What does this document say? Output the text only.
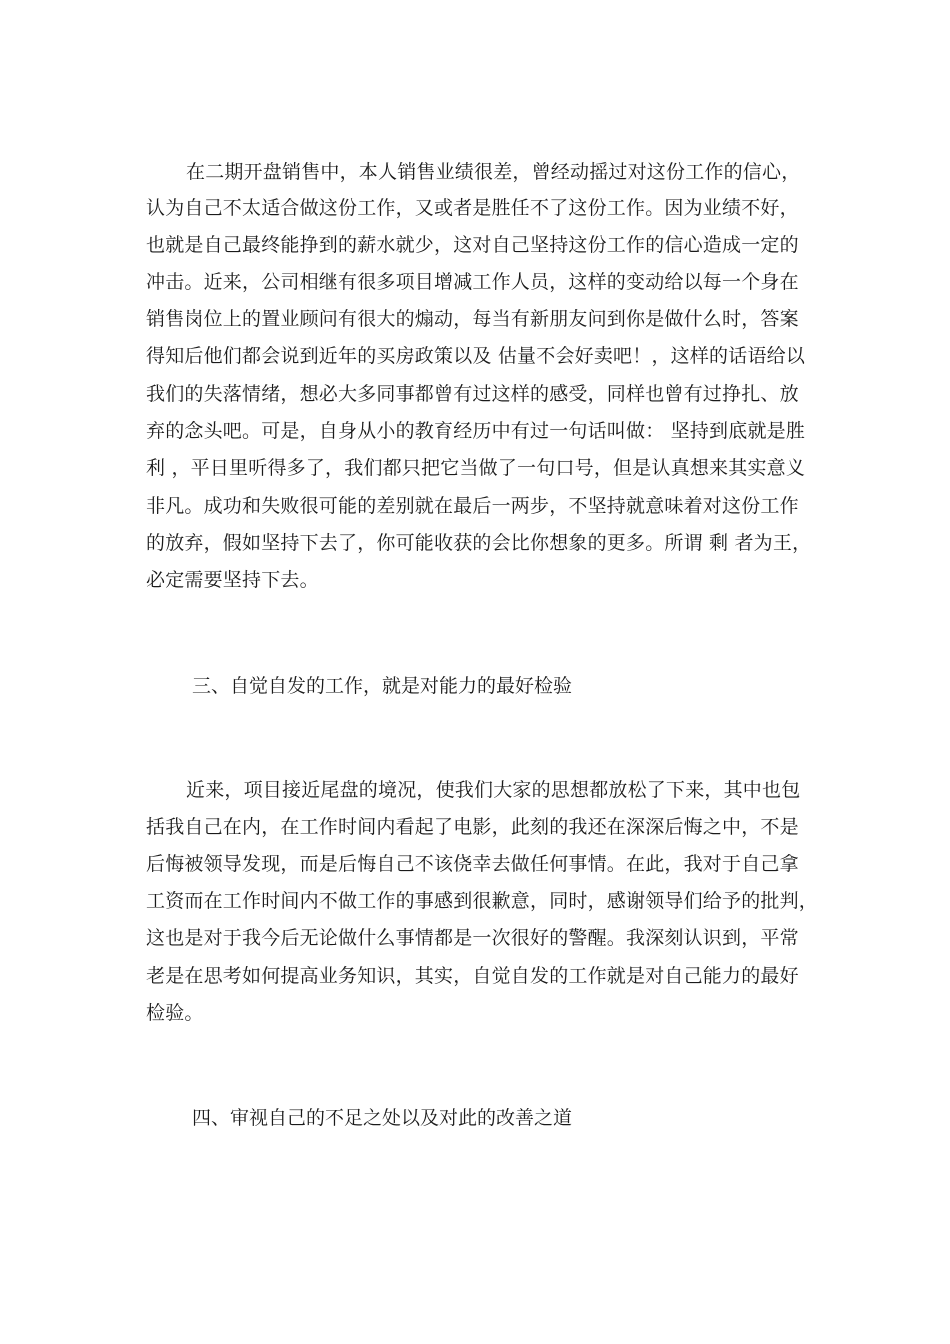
在二期开盘销售中，本人销售业绩很差，曾经动摇过对这份工作的信心，
认为自己不太适合做这份工作，又或者是胜任不了这份工作。因为业绩不好，
也就是自己最终能挣到的薪水就少，这对自己坚持这份工作的信心造成一定的
冲击。近来，公司相继有很多项目增减工作人员，这样的变动给以每一个身在
销售岗位上的置业顾问有很大的煽动，每当有新朋友问到你是做什么时，答案
得知后他们都会说到近年的买房政策以及 估量不会好卖吧！，这样的话语给以
我们的失落情绪，想必大多同事都曾有过这样的感受，同样也曾有过挣扎、放
弃的念头吧。可是，自身从小的教育经历中有过一句话叫做： 坚持到底就是胜
利 ，平日里听得多了，我们都只把它当做了一句口号，但是认真想来其实意义
非凡。成功和失败很可能的差别就在最后一两步，不坚持就意味着对这份工作
的放弃，假如坚持下去了，你可能收获的会比你想象的更多。所谓 剩 者为王，
必定需要坚持下去。
三、自觉自发的工作，就是对能力的最好检验
近来，项目接近尾盘的境况，使我们大家的思想都放松了下来，其中也包
括我自己在内，在工作时间内看起了电影，此刻的我还在深深后悔之中，不是
后悔被领导发现，而是后悔自己不该侥幸去做任何事情。在此，我对于自己拿
工资而在工作时间内不做工作的事感到很歉意，同时，感谢领导们给予的批判，
这也是对于我今后无论做什么事情都是一次很好的警醒。我深刻认识到，平常
老是在思考如何提高业务知识，其实，自觉自发的工作就是对自己能力的最好
检验。
四、审视自己的不足之处以及对此的改善之道
